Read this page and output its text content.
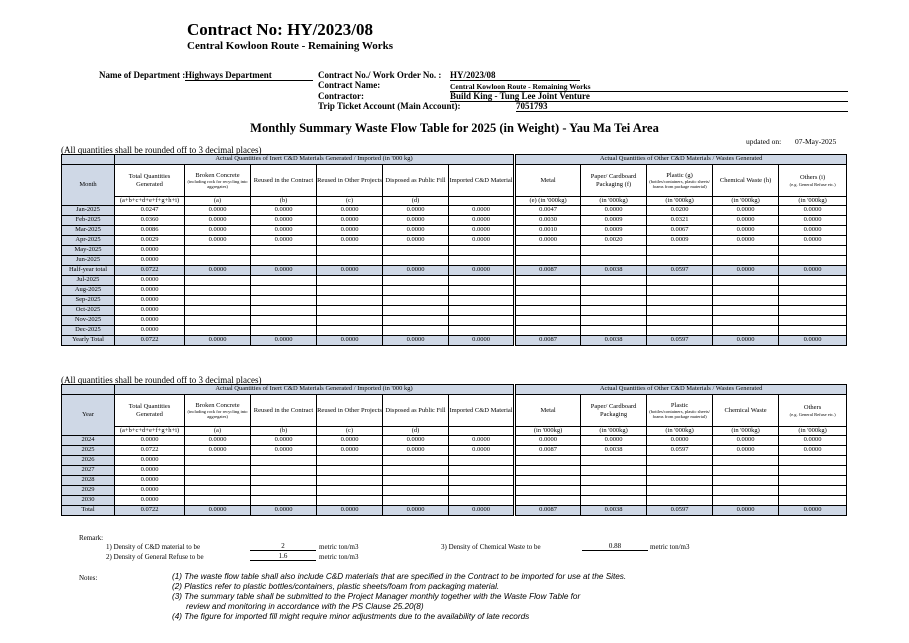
Contract No: HY/2023/08
Central Kowloon Route - Remaining Works
Name of Department : Highways Department	Contract No./ Work Order No. : HY/2023/08
Contract Name:	Central Kowloon Route - Remaining Works
Contractor:	Build King - Tung Lee Joint Venture
Trip Ticket Account (Main Account):	7051793
Monthly Summary Waste Flow Table for 2025 (in Weight) - Yau Ma Tei Area
updated on: 07-May-2025
(All quantities shall be rounded off to 3 decimal places)
	Actual Quantities of Inert C&D Materials Generated / Imported (in '000 kg)						Actual Quantities of Other C&D Materials / Wastes Generated				
Month	Total Quantities Generated	Broken Concrete
(including rock for recycling into aggregates)	Reused in the Contract	Reused in Other Projects	Disposed as Public Fill	Imported C&D Material	Metal	Paper/ Cardboard Packaging (f)	Plastic (g)
(bottles/containers, plastic sheets/ foams from package material)	Chemical Waste (h)	Others (i)
(e.g. General Refuse etc.)

	(a+b+c+d+e+f+g+h+i)	(a)	(b)	(c)	(d)		(e) (in '000kg)	(in '000kg)	(in '000kg)	(in '000kg)	(in '000kg)
Jan-2025	0.0247	0.0000	0.0000	0.0000	0.0000	0.0000	0.0047	0.0000	0.0200	0.0000	0.0000
Feb-2025	0.0360	0.0000	0.0000	0.0000	0.0000	0.0000	0.0030	0.0009	0.0321	0.0000	0.0000
Mar-2025	0.0086	0.0000	0.0000	0.0000	0.0000	0.0000	0.0010	0.0009	0.0067	0.0000	0.0000
Apr-2025	0.0029	0.0000	0.0000	0.0000	0.0000	0.0000	0.0000	0.0020	0.0009	0.0000	0.0000
May-2025	0.0000										
Jun-2025	0.0000										
Half-year total	0.0722	0.0000	0.0000	0.0000	0.0000	0.0000	0.0087	0.0038	0.0597	0.0000	0.0000
Jul-2025	0.0000										
Aug-2025	0.0000										
Sep-2025	0.0000										
Oct-2025	0.0000										
Nov-2025	0.0000										
Dec-2025	0.0000										
Yearly Total	0.0722	0.0000	0.0000	0.0000	0.0000	0.0000	0.0087	0.0038	0.0597	0.0000	0.0000
(All quantities shall be rounded off to 3 decimal places)
	Actual Quantities of Inert C&D Materials Generated / Imported (in '000 kg)						Actual Quantities of Other C&D Materials / Wastes Generated				
Year	Total Quantities Generated	Broken Concrete
(including rock for recycling into aggregates)	Reused in the Contract	Reused in Other Projects	Disposed as Public Fill	Imported C&D Material	Metal	Paper/ Cardboard Packaging	Plastic
(bottles/containers, plastic sheets/ foams from package material)	Chemical Waste	Others
(e.g. General Refuse etc.)

	(a+b+c+d+e+f+g+h+i)	(a)	(b)	(c)	(d)		(in '000kg)	(in '000kg)	(in '000kg)	(in '000kg)	(in '000kg)
2024	0.0000	0.0000	0.0000	0.0000	0.0000	0.0000	0.0000	0.0000	0.0000	0.0000	0.0000
2025	0.0722	0.0000	0.0000	0.0000	0.0000	0.0000	0.0087	0.0038	0.0597	0.0000	0.0000
2026	0.0000										
2027	0.0000										
2028	0.0000										
2029	0.0000										
2030	0.0000										
Total	0.0722	0.0000	0.0000	0.0000	0.0000	0.0000	0.0087	0.0038	0.0597	0.0000	0.0000
Remark:
1) Density of C&D material to be	2	metric ton/m3
2) Density of General Refuse to be	1.6	metric ton/m3
3) Density of Chemical Waste to be	0.88	metric ton/m3
Notes:	(1) The waste flow table shall also include C&D materials that are specified in the Contract to be imported for use at the Sites.
(2) Plastics refer to plastic bottles/containers, plastic sheets/foam from packaging material.
(3) The summary table shall be submitted to the Project Manager monthly together with the Waste Flow Table for
review and monitoring in accordance with the PS Clause 25.20(8)
(4) The figure for imported fill might require minor adjustments due to the availability of late records
